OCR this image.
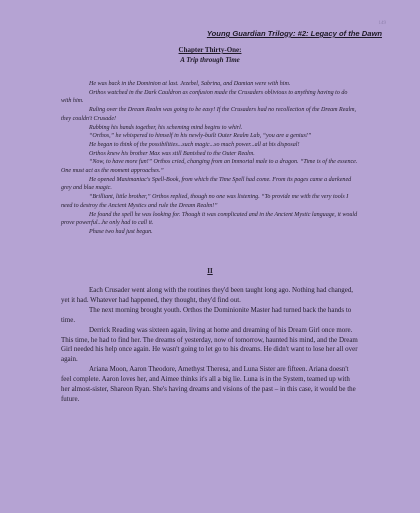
149
Young Guardian Trilogy: #2: Legacy of the Dawn
Chapter Thirty-One:
A Trip through Time

He was back in the Dominion at last. Jezebel, Sabrina, and Damian were with him.

Orthos watched in the Dark Cauldron as confusion made the Crusaders oblivious to anything having to do with him.

Ruling over the Dream Realm was going to be easy! If the Crusaders had no recollection of the Dream Realm, they couldn't Crusade!

Rubbing his hands together, his scheming mind begins to whirl.

“Orthos,” he whispered to himself in his newly-built Outer Realm Lab, “you are a genius!”

He began to think of the possibilities...such magic...so much power...all at his disposal!

Orthos knew his brother Max was still Banished to the Outer Realm.

“Now, to have more fun!” Orthos cried, changing from an Immortal male to a dragon. “Time is of the essence. One must act as the moment approaches.”

He opened Maximaniac's Spell-Book, from which the Time Spell had come. From its pages came a darkened grey and blue magic.

“Brilliant, little brother,” Orthos replied, though no one was listening. “To provide me with the very tools I need to destroy the Ancient Mystics and rule the Dream Realm!”

He found the spell he was looking for. Though it was complicated and in the Ancient Mystic language, it would prove powerful...he only had to call it.

Phase two had just begun.

II

Each Crusader went along with the routines they'd been taught long ago. Nothing had changed, yet it had. Whatever had happened, they thought, they'd find out.

The next morning brought youth. Orthos the Dominionite Master had turned back the hands to time.

Derrick Reading was sixteen again, living at home and dreaming of his Dream Girl once more. This time, he had to find her. The dreams of yesterday, now of tomorrow, haunted his mind, and the Dream Girl needed his help once again. He wasn't going to let go to his dreams. He didn't want to lose her all over again.

Ariana Moon, Aaron Theodore, Amethyst Theresa, and Luna Sister are fifteen. Ariana doesn't feel complete. Aaron loves her, and Aimee thinks it's all a big lie. Luna is in the System, teamed up with her almost-sister, Shareon Ryan. She's having dreams and visions of the past – in this case, it would be the future.
